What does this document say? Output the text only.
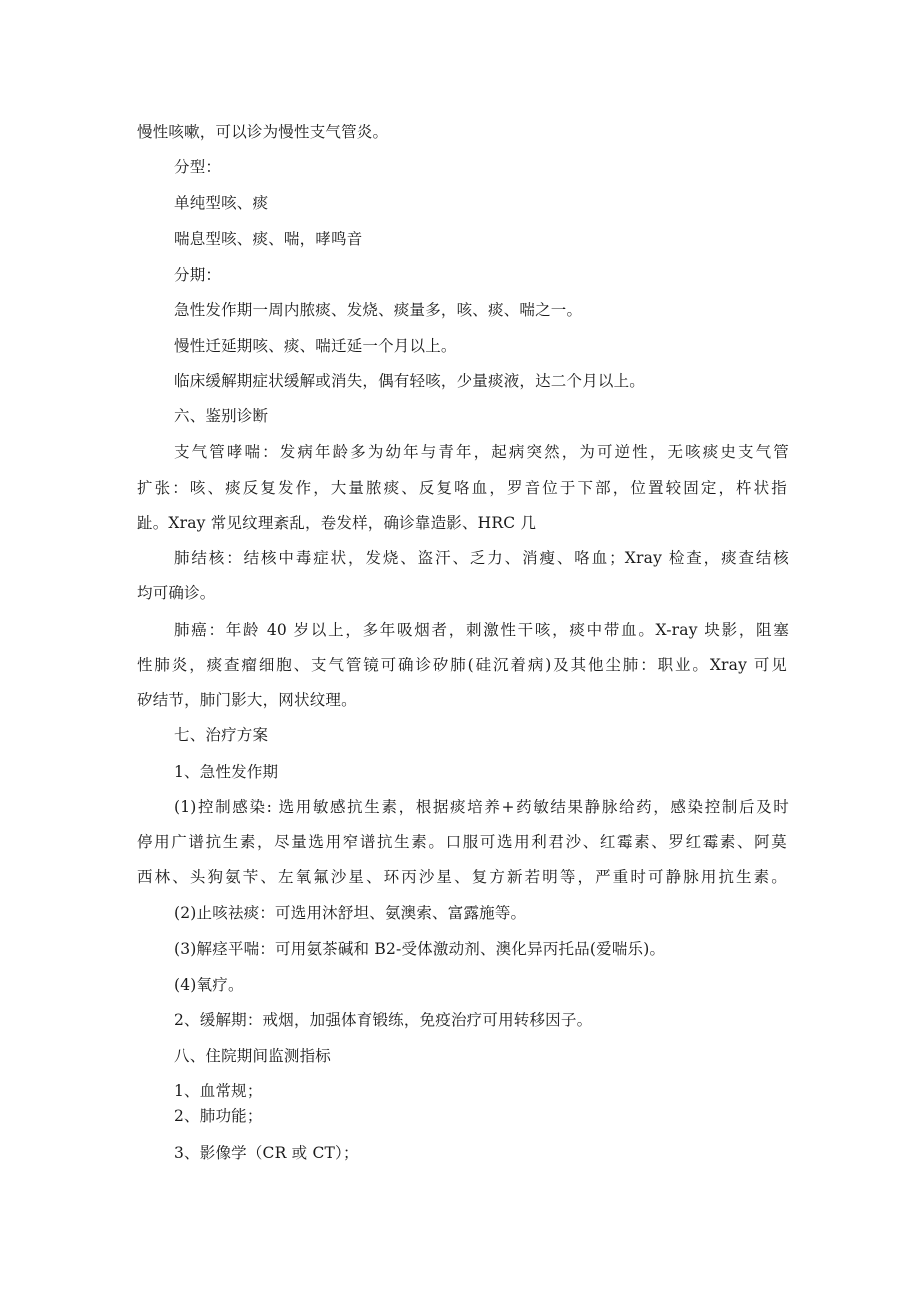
慢性咳嗽，可以诊为慢性支气管炎。
分型：
单纯型咳、痰
喘息型咳、痰、喘，哮鸣音
分期：
急性发作期一周内脓痰、发烧、痰量多，咳、痰、喘之一。
慢性迁延期咳、痰、喘迁延一个月以上。
临床缓解期症状缓解或消失，偶有轻咳，少量痰液，达二个月以上。
六、鉴别诊断
支气管哮喘：发病年龄多为幼年与青年，起病突然，为可逆性，无咳痰史支气管
扩张：咳、痰反复发作，大量脓痰、反复咯血，罗音位于下部，位置较固定，杵状指
趾。Xray 常见纹理紊乱，卷发样，确诊靠造影、HRC 几
肺结核：结核中毒症状，发烧、盗汗、乏力、消瘦、咯血；Xray 检查，痰查结核
均可确诊。
肺癌：年龄 40 岁以上，多年吸烟者，刺激性干咳，痰中带血。X-ray 块影，阻塞
性肺炎，痰查瘤细胞、支气管镜可确诊矽肺(硅沉着病)及其他尘肺：职业。Xray 可见
矽结节，肺门影大，网状纹理。
七、治疗方案
1、急性发作期
(1)控制感染: 选用敏感抗生素，根据痰培养+药敏结果静脉给药，感染控制后及时
停用广谱抗生素，尽量选用窄谱抗生素。口服可选用利君沙、红霉素、罗红霉素、阿莫
西林、头狗氨苄、左氧氟沙星、环丙沙星、复方新若明等，严重时可静脉用抗生素。
(2)止咳祛痰：可选用沐舒坦、氨澳索、富露施等。
(3)解痉平喘：可用氨茶碱和 B2-受体激动剂、澳化异丙托品(爱喘乐)。
(4)氧疗。
2、缓解期：戒烟，加强体育锻练，免疫治疗可用转移因子。
八、住院期间监测指标
1、血常规；
2、肺功能；
3、影像学（CR 或 CT）；
